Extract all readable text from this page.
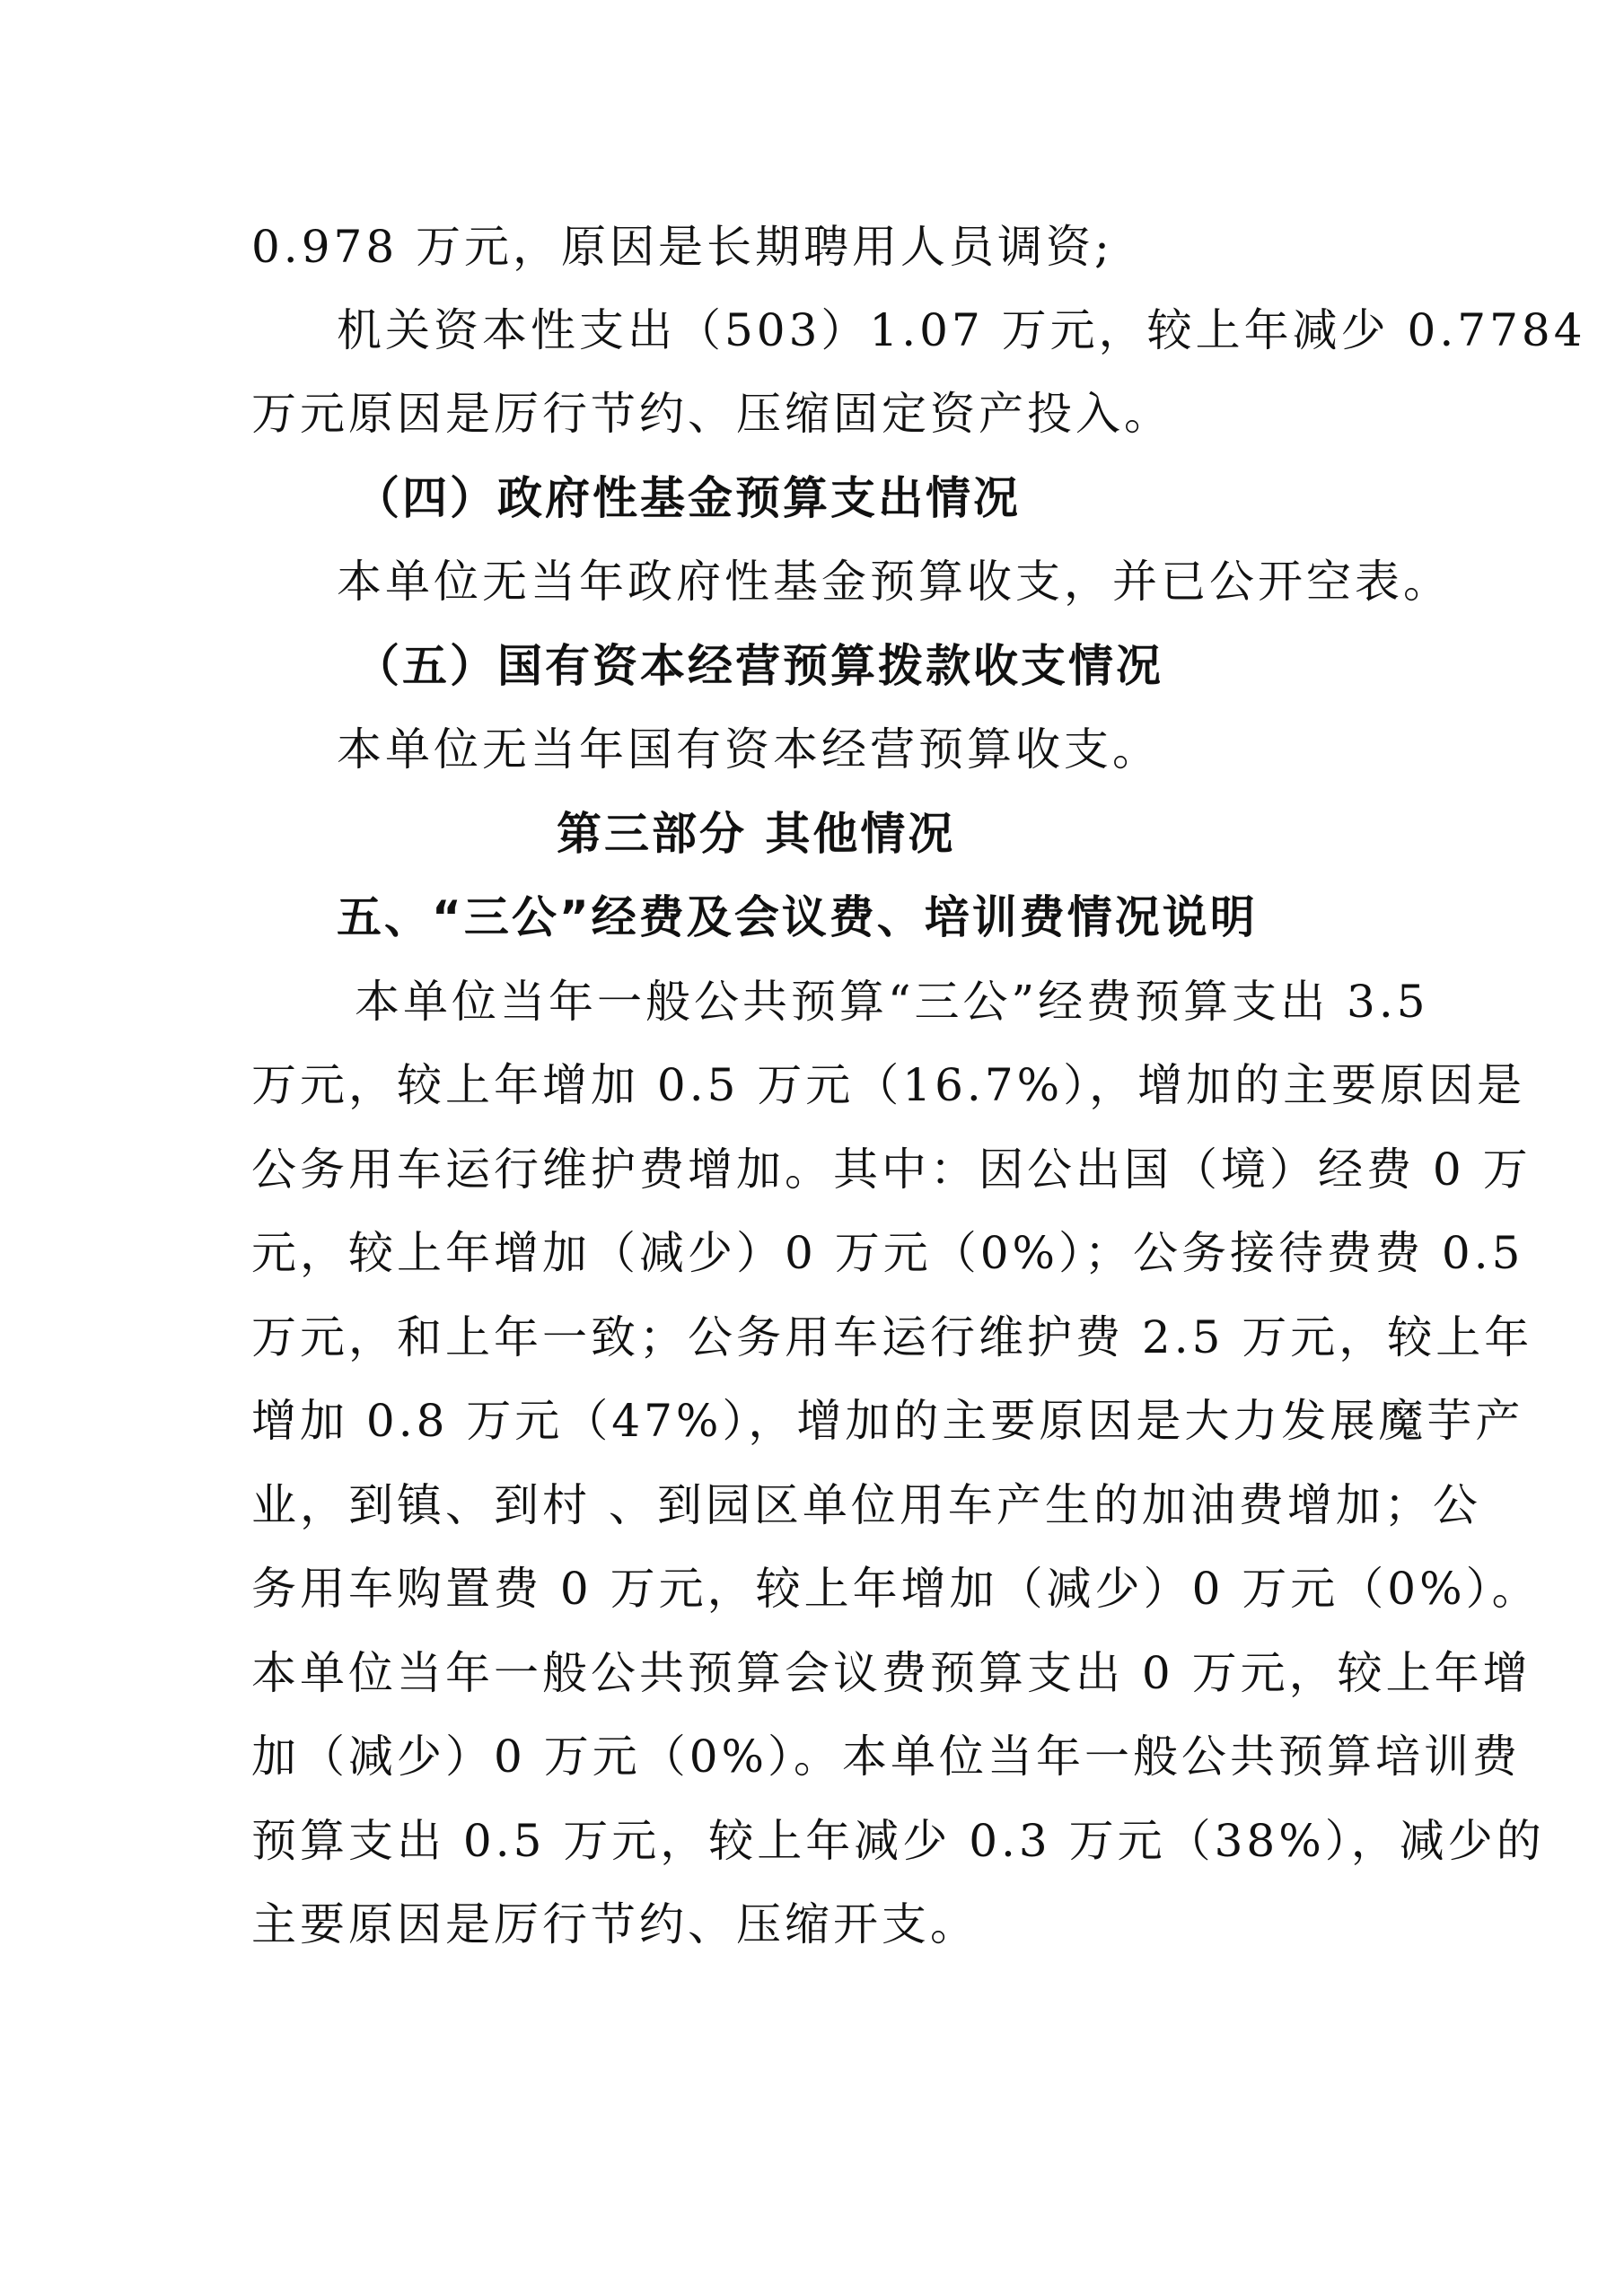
0.978 万元，原因是长期聘用人员调资;
机关资本性支出（503）1.07 万元，较上年减少 0.7784
万元原因是厉行节约、压缩固定资产投入。
（四）政府性基金预算支出情况
本单位无当年政府性基金预算收支，并已公开空表。
（五）国有资本经营预算拨款收支情况
本单位无当年国有资本经营预算收支。
第三部分 其他情况
五、“三公”经费及会议费、培训费情况说明
本单位当年一般公共预算“三公”经费预算支出 3.5
万元，较上年增加 0.5 万元（16.7%），增加的主要原因是
公务用车运行维护费增加。其中：因公出国（境）经费 0 万
元，较上年增加（减少）0 万元（0%）；公务接待费费 0.5
万元，和上年一致；公务用车运行维护费 2.5 万元，较上年
增加 0.8 万元（47%），增加的主要原因是大力发展魔芋产
业，到镇、到村 、到园区单位用车产生的加油费增加；公
务用车购置费 0 万元，较上年增加（减少）0 万元（0%）。
本单位当年一般公共预算会议费预算支出 0 万元，较上年增
加（减少）0 万元（0%）。本单位当年一般公共预算培训费
预算支出 0.5 万元，较上年减少 0.3 万元（38%），减少的
主要原因是厉行节约、压缩开支。
